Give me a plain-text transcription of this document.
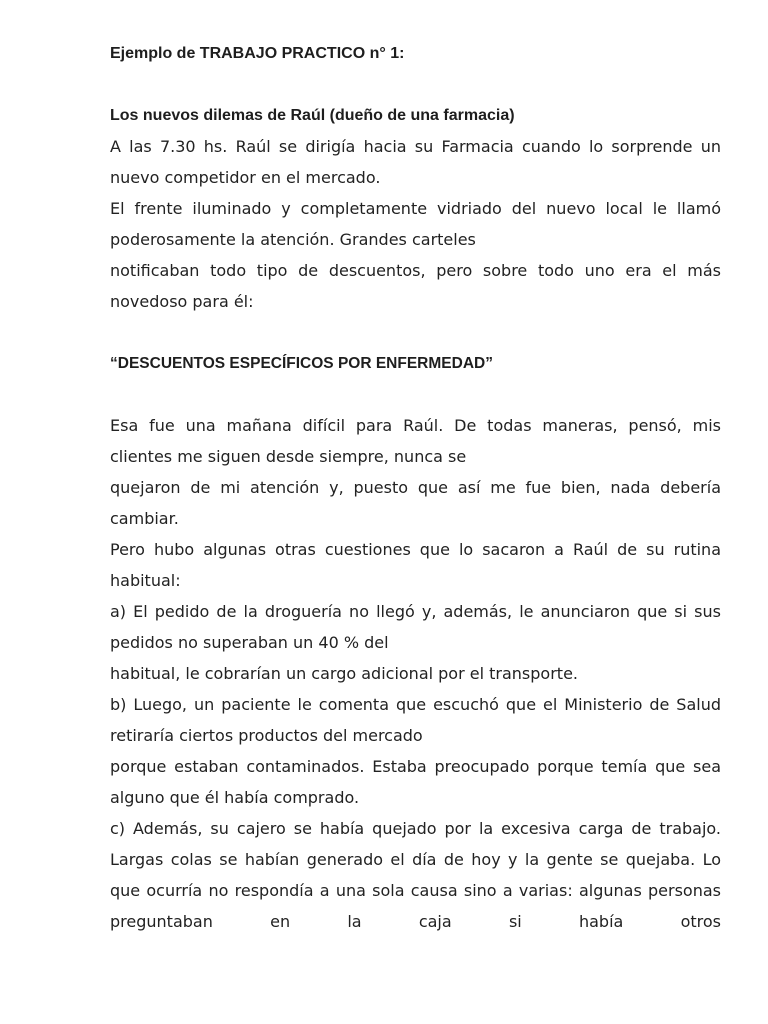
Ejemplo de TRABAJO PRACTICO n° 1:

Los nuevos dilemas de Raúl (dueño de una farmacia)

A las 7.30 hs. Raúl se dirigía hacia su Farmacia cuando lo sorprende un nuevo competidor en el mercado.

El frente iluminado y completamente vidriado del nuevo local le llamó poderosamente la atención. Grandes carteles

notificaban todo tipo de descuentos, pero sobre todo uno era el más novedoso para él:

“DESCUENTOS ESPECÍFICOS POR ENFERMEDAD”

Esa fue una mañana difícil para Raúl. De todas maneras, pensó, mis clientes me siguen desde siempre, nunca se

quejaron de mi atención y, puesto que así me fue bien, nada debería cambiar.

Pero hubo algunas otras cuestiones que lo sacaron a Raúl de su rutina habitual:

a) El pedido de la droguería no llegó y, además, le anunciaron que si sus pedidos no superaban un 40 % del

habitual, le cobrarían un cargo adicional por el transporte.

b) Luego, un paciente le comenta que escuchó que el Ministerio de Salud retiraría ciertos productos del mercado

porque estaban contaminados. Estaba preocupado porque temía que sea alguno que él había comprado.

c) Además, su cajero se había quejado por la excesiva carga de trabajo. Largas colas se habían generado el día de hoy y la gente se quejaba. Lo que ocurría no respondía a una sola causa sino a varias: algunas personas preguntaban en la caja si había otros
